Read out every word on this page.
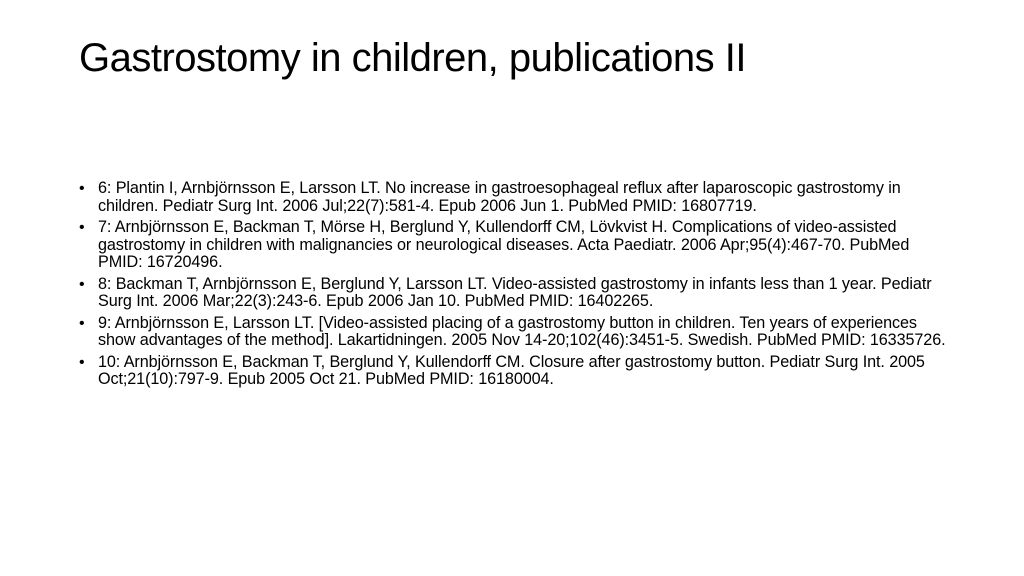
Gastrostomy in children, publications II
• 6: Plantin I, Arnbjörnsson E, Larsson LT. No increase in gastroesophageal reflux after laparoscopic gastrostomy in children. Pediatr Surg Int. 2006 Jul;22(7):581-4. Epub 2006 Jun 1. PubMed PMID: 16807719.
• 7: Arnbjörnsson E, Backman T, Mörse H, Berglund Y, Kullendorff CM, Lövkvist H. Complications of video-assisted gastrostomy in children with malignancies or neurological diseases. Acta Paediatr. 2006 Apr;95(4):467-70. PubMed PMID: 16720496.
• 8: Backman T, Arnbjörnsson E, Berglund Y, Larsson LT. Video-assisted gastrostomy in infants less than 1 year. Pediatr Surg Int. 2006 Mar;22(3):243-6. Epub 2006 Jan 10. PubMed PMID: 16402265.
• 9: Arnbjörnsson E, Larsson LT. [Video-assisted placing of a gastrostomy button in children. Ten years of experiences show advantages of the method]. Lakartidningen. 2005 Nov 14-20;102(46):3451-5. Swedish. PubMed PMID: 16335726.
• 10: Arnbjörnsson E, Backman T, Berglund Y, Kullendorff CM. Closure after gastrostomy button. Pediatr Surg Int. 2005 Oct;21(10):797-9. Epub 2005 Oct 21. PubMed PMID: 16180004.
